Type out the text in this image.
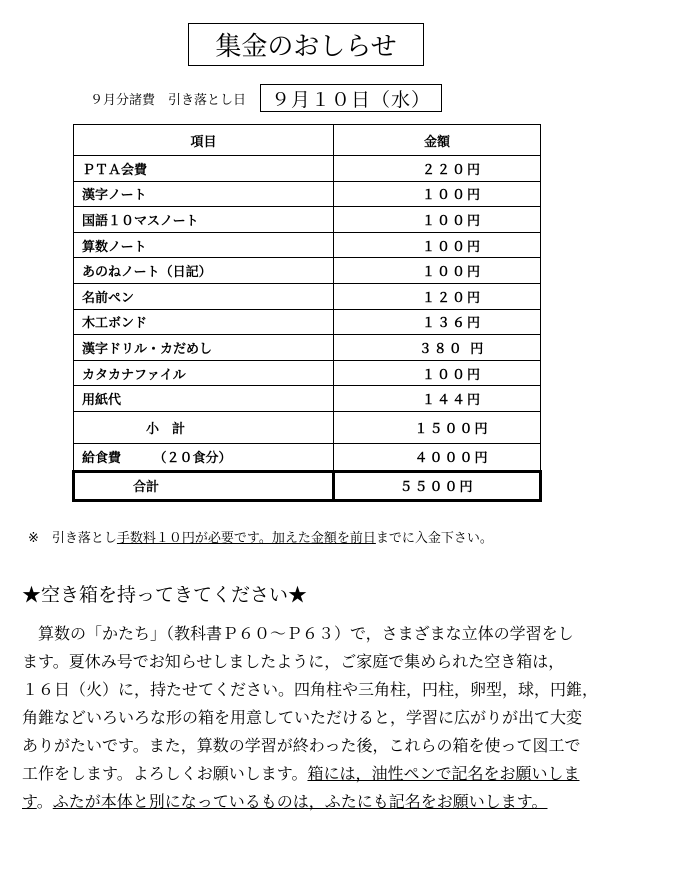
集金のおしらせ
９月分諸費　引き落とし日	９月１０日（水）
項目	金額
ＰＴＡ会費	２２０円
漢字ノート	１００円
国語１０マスノート	１００円
算数ノート	１００円
あのねノート（日記）	１００円
名前ペン	１２０円
木工ボンド	１３６円
漢字ドリル・カだめし	３８０ 円
カタカナファイル	１００円
用紙代	１４４円
小　計	１５００円
給食費　　　（２０食分）	４０００円
合計	５５００円
※　引き落とし手数料１０円が必要です。加えた金額を前日までに入金下さい。
★空き箱を持ってきてください★
算数の「かたち」（教科書Ｐ６０～Ｐ６３）で，さまざまな立体の学習をし
ます。夏休み号でお知らせしましたように，ご家庭で集められた空き箱は，
１６日（火）に，持たせてください。四角柱や三角柱，円柱，卵型，球，円錐，
角錐などいろいろな形の箱を用意していただけると，学習に広がりが出て大変
ありがたいです。また，算数の学習が終わった後，これらの箱を使って図工で
工作をします。よろしくお願いします。箱には，油性ペンで記名をお願いしま
す。ふたが本体と別になっているものは，ふたにも記名をお願いします。
